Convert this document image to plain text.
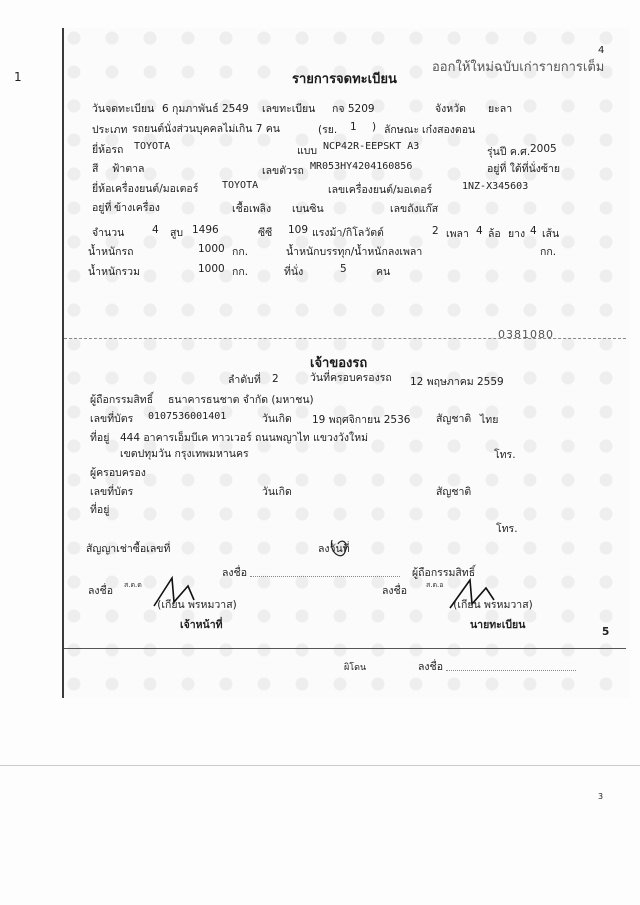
1
3
4
ออกให้ใหม่ฉบับเก่ารายการเต็ม
รายการจดทะเบียน
วันจดทะเบียน 6 กุมภาพันธ์ 2549 เลขทะเบียน กจ 5209	จังหวัด ยะลา
ประเภท รถยนต์นั่งส่วนบุคคลไม่เกิน 7 คน	(รย. 1 ) ลักษณะ เก๋งสองตอน
ยี่ห้อรถ TOYOTA	แบบ NCP42R-EEPSKT A3	รุ่นปี ค.ศ. 2005
สี ฟ้าตาล	เลขตัวรถ MR053HY4204160856	อยู่ที่ ใต้ที่นั่งซ้าย
ยี่ห้อเครื่องยนต์/มอเตอร์ TOYOTA	เลขเครื่องยนต์/มอเตอร์	1NZ-X345603
อยู่ที่ ข้างเครื่อง	เชื้อเพลิง เบนซิน	เลขถังแก๊ส
จำนวน	4 สูบ 1496	ซีซี 109 แรงม้า/กิโลวัตต์	2 เพลา 4 ล้อ ยาง 4 เส้น
น้ำหนักรถ	1000 กก.	น้ำหนักบรรทุก/น้ำหนักลงเพลา	กก.
น้ำหนักรวม	1000 กก.	ที่นั่ง	5	คน
0381080
เจ้าของรถ
ลำดับที่ 2	วันที่ครอบครองรถ 12 พฤษภาคม 2559
ผู้ถือกรรมสิทธิ์ ธนาคารธนชาต จำกัด (มหาชน)
เลขที่บัตร 0107536001401	วันเกิด 19 พฤศจิกายน 2536 สัญชาติ ไทย
ที่อยู่ 444 อาคารเอ็มบีเค ทาวเวอร์ ถนนพญาไท แขวงวังใหม่
เขตปทุมวัน กรุงเทพมหานคร	โทร.
ผู้ครอบครอง
เลขที่บัตร	วันเกิด	สัญชาติ
ที่อยู่
โทร.
สัญญาเช่าซื้อเลขที่	ลงวันที่
ลงชื่อ	ผู้ถือกรรมสิทธิ์
ส.ต.ต	ส.ต.อ
ลงชื่อ	ลงชื่อ
(เกียน พรหมวาส)	(เกียน พรหมวาส)
เจ้าหน้าที่	นายทะเบียน
5
ผิโดน	ลงชื่อ
